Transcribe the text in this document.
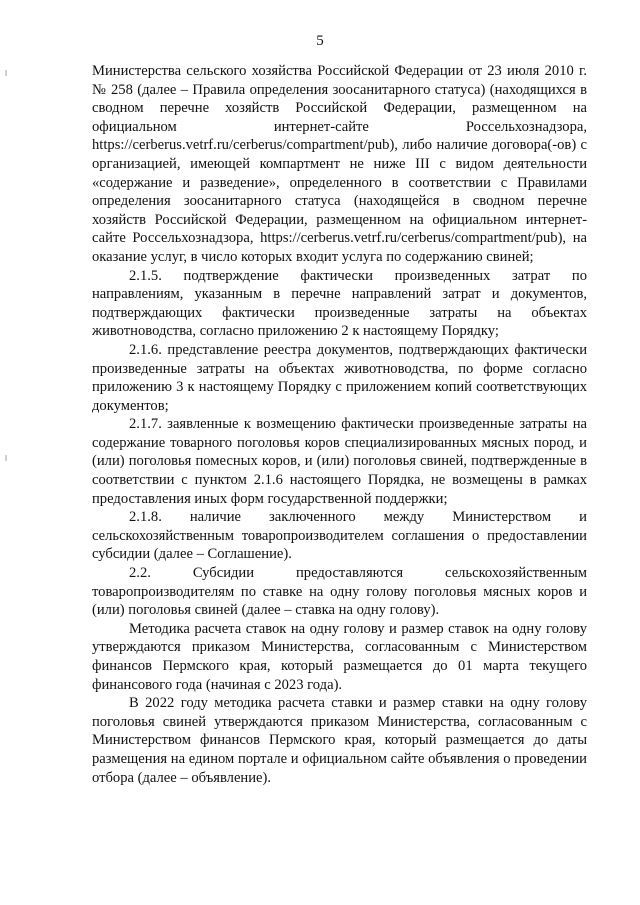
5

Министерства сельского хозяйства Российской Федерации от 23 июля 2010 г. № 258 (далее – Правила определения зоосанитарного статуса) (находящихся в сводном перечне хозяйств Российской Федерации, размещенном на официальном интернет-сайте Россельхознадзора, https://cerberus.vetrf.ru/cerberus/compartment/pub), либо наличие договора(-ов) с организацией, имеющей компартмент не ниже III с видом деятельности «содержание и разведение», определенного в соответствии с Правилами определения зоосанитарного статуса (находящейся в сводном перечне хозяйств Российской Федерации, размещенном на официальном интернет-сайте Россельхознадзора, https://cerberus.vetrf.ru/cerberus/compartment/pub), на оказание услуг, в число которых входит услуга по содержанию свиней;

2.1.5. подтверждение фактически произведенных затрат по направлениям, указанным в перечне направлений затрат и документов, подтверждающих фактически произведенные затраты на объектах животноводства, согласно приложению 2 к настоящему Порядку;

2.1.6. представление реестра документов, подтверждающих фактически произведенные затраты на объектах животноводства, по форме согласно приложению 3 к настоящему Порядку с приложением копий соответствующих документов;

2.1.7. заявленные к возмещению фактически произведенные затраты на содержание товарного поголовья коров специализированных мясных пород, и (или) поголовья помесных коров, и (или) поголовья свиней, подтвержденные в соответствии с пунктом 2.1.6 настоящего Порядка, не возмещены в рамках предоставления иных форм государственной поддержки;

2.1.8. наличие заключенного между Министерством и сельскохозяйственным товаропроизводителем соглашения о предоставлении субсидии (далее – Соглашение).

2.2. Субсидии предоставляются сельскохозяйственным товаропроизводителям по ставке на одну голову поголовья мясных коров и (или) поголовья свиней (далее – ставка на одну голову).

Методика расчета ставок на одну голову и размер ставок на одну голову утверждаются приказом Министерства, согласованным с Министерством финансов Пермского края, который размещается до 01 марта текущего финансового года (начиная с 2023 года).

В 2022 году методика расчета ставки и размер ставки на одну голову поголовья свиней утверждаются приказом Министерства, согласованным с Министерством финансов Пермского края, который размещается до даты размещения на едином портале и официальном сайте объявления о проведении отбора (далее – объявление).
